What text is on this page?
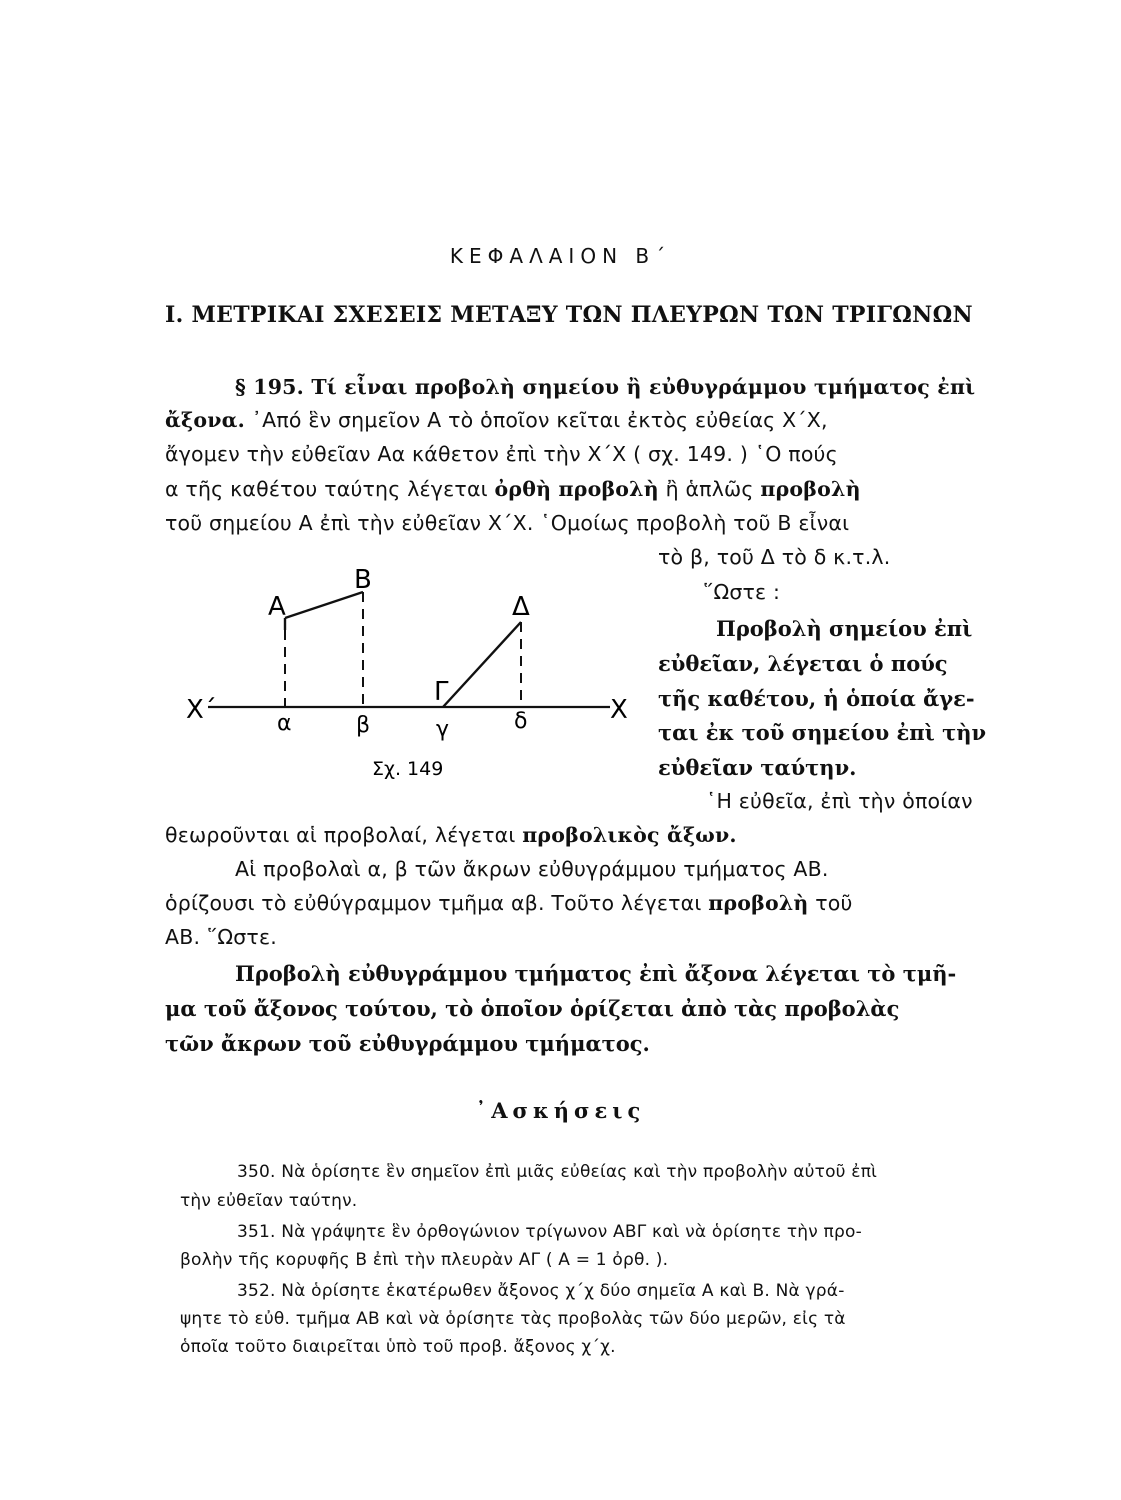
ΚΕΦΑΛΑΙΟΝ Β΄
Ι. ΜΕΤΡΙΚΑΙ ΣΧΕΣΕΙΣ ΜΕΤΑΞΥ ΤΩΝ ΠΛΕΥΡΩΝ ΤΩΝ ΤΡΙΓΩΝΩΝ
§ 195. Τί εἶναι προβολὴ σημείου ἢ εὐθυγράμμου τμήματος ἐπὶ
ἄξονα. ᾿Από ἓν σημεῖον Α τὸ ὁποῖον κεῖται ἐκτὸς εὐθείας Χ΄Χ,
ἄγομεν τὴν εὐθεῖαν Αα κάθετον ἐπὶ τὴν Χ΄Χ ( σχ. 149. ) ῾Ο πούς
α τῆς καθέτου ταύτης λέγεται ὀρθὴ προβολὴ ἢ ἁπλῶς προβολὴ
τοῦ σημείου Α ἐπὶ τὴν εὐθεῖαν Χ΄Χ. ῾Ομοίως προβολὴ τοῦ Β εἶναι
τὸ β, τοῦ Δ τὸ δ κ.τ.λ.
῞Ωστε :
Α
Β
Δ
Γ
Χ΄	Χ
α	β	γ	δ
Σχ. 149
Προβολὴ σημείου ἐπὶ
εὐθεῖαν, λέγεται ὁ πούς
τῆς καθέτου, ἡ ὁποία ἄγε-
ται ἐκ τοῦ σημείου ἐπὶ τὴν
εὐθεῖαν ταύτην.
῾Η εὐθεῖα, ἐπὶ τὴν ὁποίαν
θεωροῦνται αἱ προβολαί, λέγεται προβολικὸς ἄξων.
Αἱ προβολαὶ α, β τῶν ἄκρων εὐθυγράμμου τμήματος ΑΒ.
ὁρίζουσι τὸ εὐθύγραμμον τμῆμα αβ. Τοῦτο λέγεται προβολὴ τοῦ
ΑΒ. ῞Ωστε.
Προβολὴ εὐθυγράμμου τμήματος ἐπὶ ἄξονα λέγεται τὸ τμῆ-
μα τοῦ ἄξονος τούτου, τὸ ὁποῖον ὁρίζεται ἀπὸ τὰς προβολὰς
τῶν ἄκρων τοῦ εὐθυγράμμου τμήματος.
᾿Ασκήσεις
350. Νὰ ὁρίσητε ἓν σημεῖον ἐπὶ μιᾶς εὐθείας καὶ τὴν προβολὴν αὐτοῦ ἐπὶ
τὴν εὐθεῖαν ταύτην.
351. Νὰ γράψητε ἓν ὀρθογώνιον τρίγωνον ΑΒΓ καὶ νὰ ὁρίσητε τὴν προ-
βολὴν τῆς κορυφῆς Β ἐπὶ τὴν πλευρὰν ΑΓ ( Α = 1 ὀρθ. ).
352. Νὰ ὁρίσητε ἑκατέρωθεν ἄξονος χ΄χ δύο σημεῖα Α καὶ Β. Νὰ γρά-
ψητε τὸ εὐθ. τμῆμα ΑΒ καὶ νὰ ὁρίσητε τὰς προβολὰς τῶν δύο μερῶν, εἰς τὰ
ὁποῖα τοῦτο διαιρεῖται ὑπὸ τοῦ προβ. ἄξονος χ΄χ.
